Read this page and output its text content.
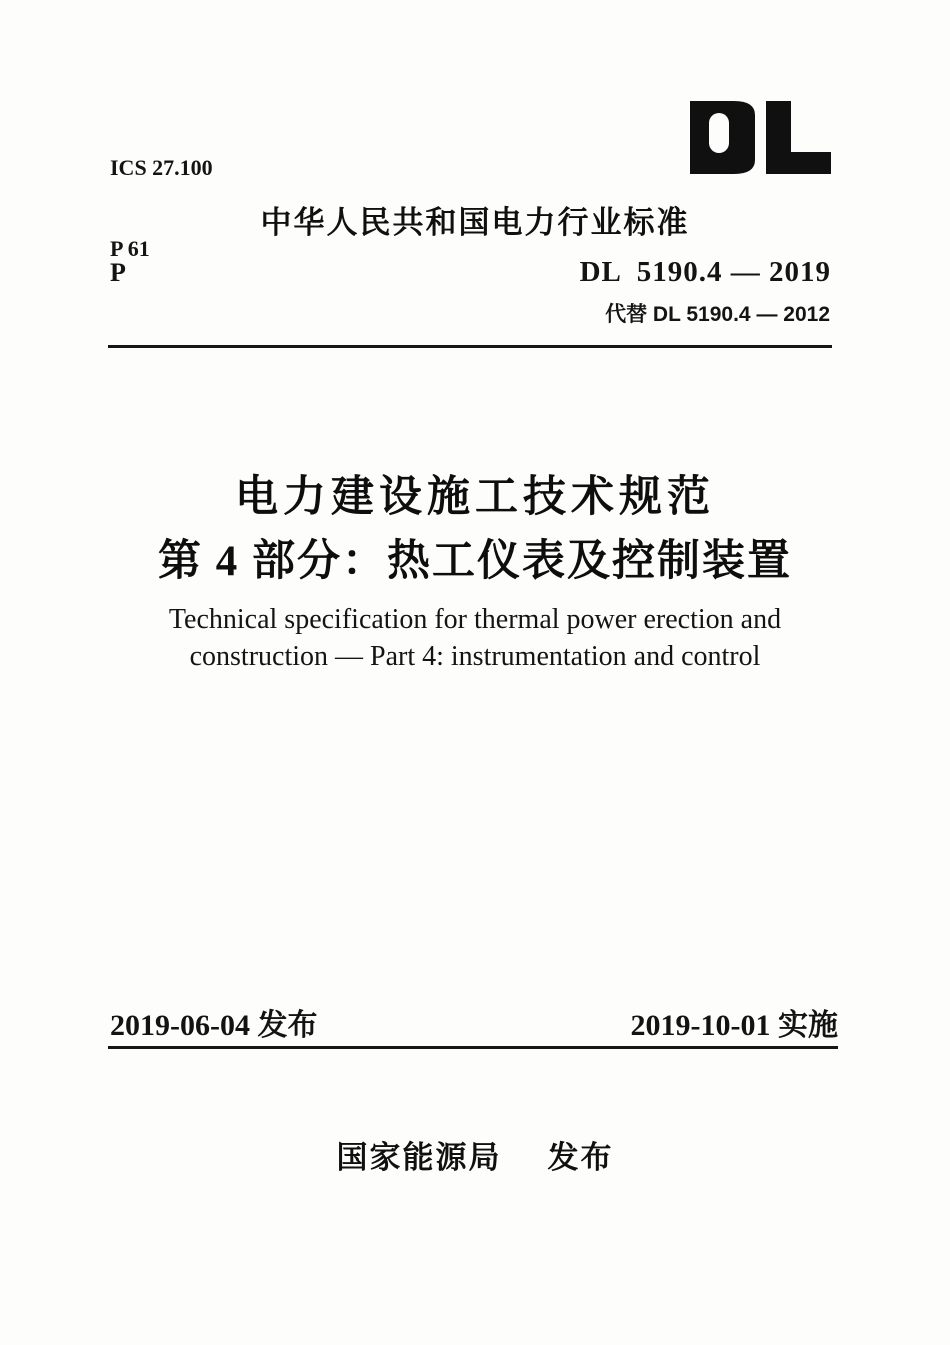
ICS 27.100

P 61

中华人民共和国电力行业标准
P	DL  5190.4 — 2019
代替 DL 5190.4 — 2012
电力建设施工技术规范
第 4 部分：热工仪表及控制装置
Technical specification for thermal power erection and
construction — Part 4: instrumentation and control
2019-06-04 发布	2019-10-01 实施
国家能源局 发布
